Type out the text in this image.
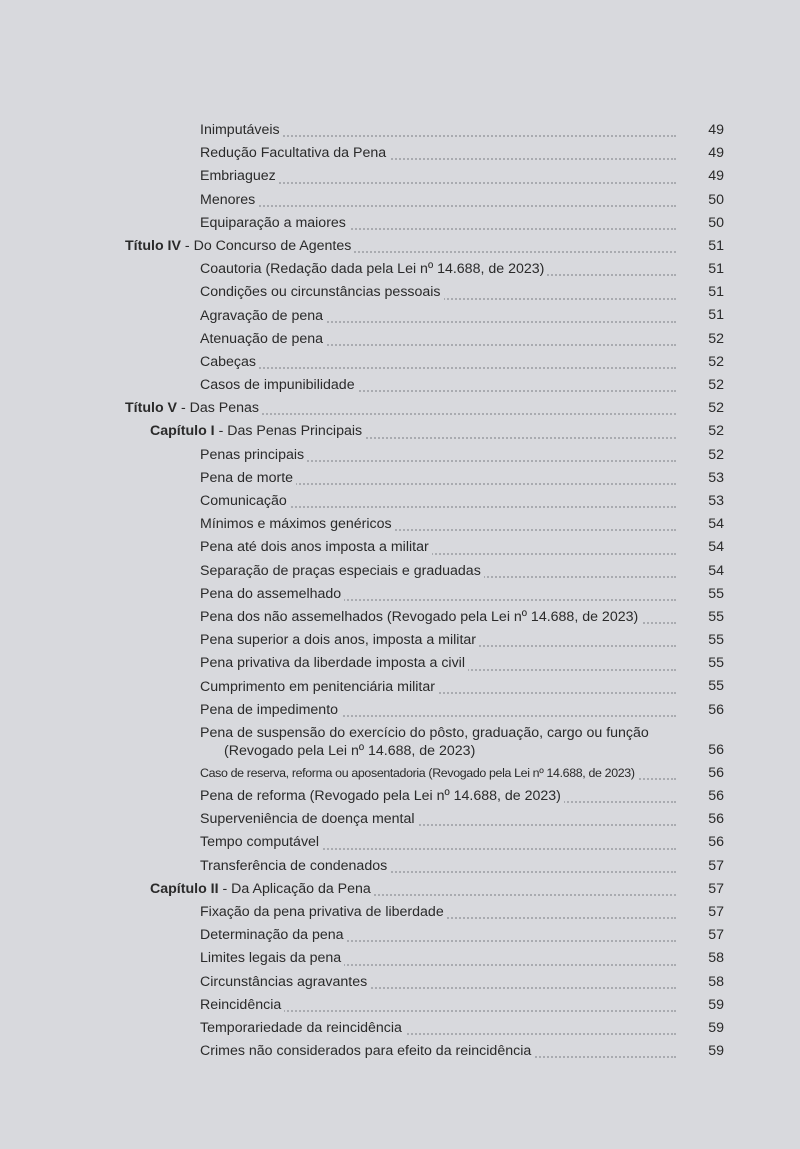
Inimputáveis	49
Redução Facultativa da Pena	49
Embriaguez	49
Menores	50
Equiparação a maiores	50
Título IV - Do Concurso de Agentes	51
Coautoria (Redação dada pela Lei nº 14.688, de 2023)	51
Condições ou circunstâncias pessoais	51
Agravação de pena	51
Atenuação de pena	52
Cabeças	52
Casos de impunibilidade	52
Título V - Das Penas	52
Capítulo I - Das Penas Principais	52
Penas principais	52
Pena de morte	53
Comunicação	53
Mínimos e máximos genéricos	54
Pena até dois anos imposta a militar	54
Separação de praças especiais e graduadas	54
Pena do assemelhado	55
Pena dos não assemelhados (Revogado pela Lei nº 14.688, de 2023)	55
Pena superior a dois anos, imposta a militar	55
Pena privativa da liberdade imposta a civil	55
Cumprimento em penitenciária militar	55
Pena de impedimento	56
Pena de suspensão do exercício do pôsto, graduação, cargo ou função
(Revogado pela Lei nº 14.688, de 2023)	56
Caso de reserva, reforma ou aposentadoria (Revogado pela Lei nº 14.688, de 2023)	56
Pena de reforma (Revogado pela Lei nº 14.688, de 2023)	56
Superveniência de doença mental	56
Tempo computável	56
Transferência de condenados	57
Capítulo II - Da Aplicação da Pena	57
Fixação da pena privativa de liberdade	57
Determinação da pena	57
Limites legais da pena	58
Circunstâncias agravantes	58
Reincidência	59
Temporariedade da reincidência	59
Crimes não considerados para efeito da reincidência	59
